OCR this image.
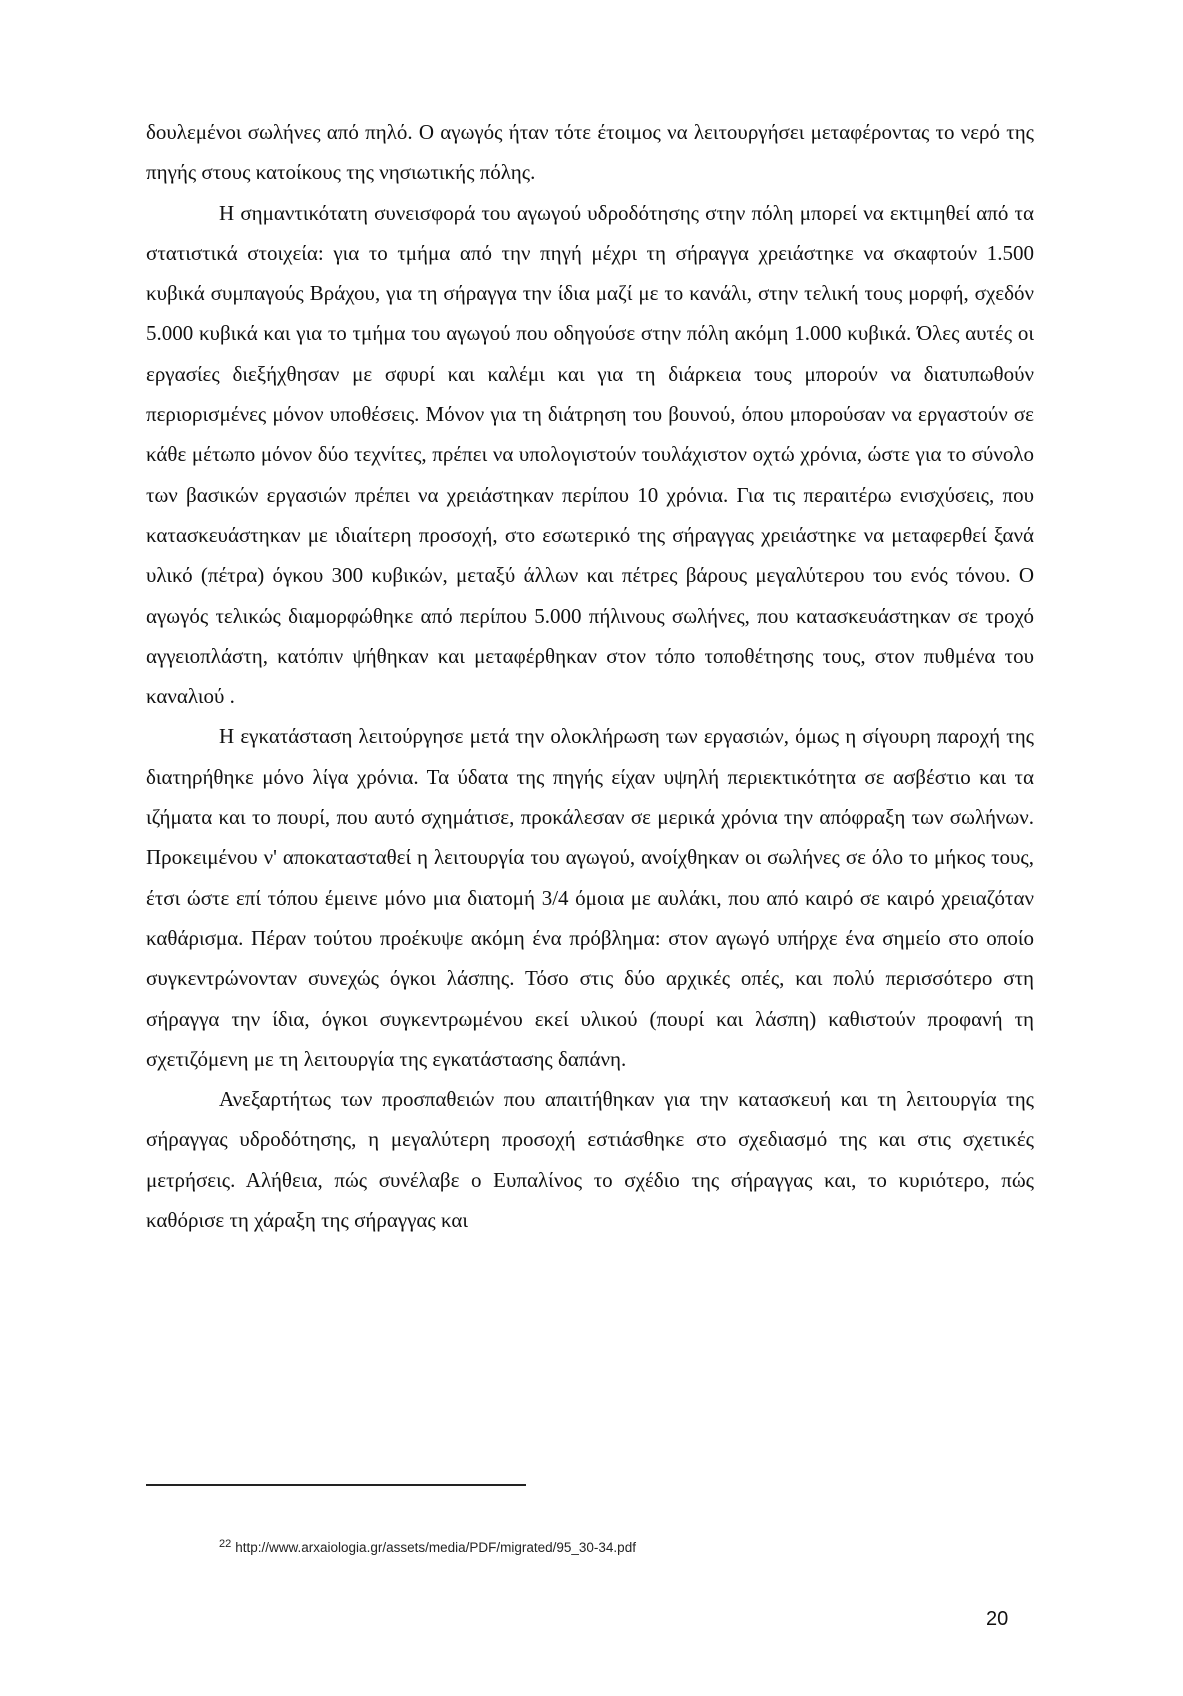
δουλεμένοι σωλήνες από πηλό. Ο αγωγός ήταν τότε έτοιμος να λειτουργήσει μεταφέροντας το νερό της πηγής στους κατοίκους της νησιωτικής πόλης.

Η σημαντικότατη συνεισφορά του αγωγού υδροδότησης στην πόλη μπορεί να εκτιμηθεί από τα στατιστικά στοιχεία: για το τμήμα από την πηγή μέχρι τη σήραγγα χρειάστηκε να σκαφτούν 1.500 κυβικά συμπαγούς Βράχου, για τη σήραγγα την ίδια μαζί με το κανάλι, στην τελική τους μορφή, σχεδόν 5.000 κυβικά και για το τμήμα του αγωγού που οδηγούσε στην πόλη ακόμη 1.000 κυβικά. Όλες αυτές οι εργασίες διεξήχθησαν με σφυρί και καλέμι και για τη διάρκεια τους μπορούν να διατυπωθούν περιορισμένες μόνον υποθέσεις. Μόνον για τη διάτρηση του βουνού, όπου μπορούσαν να εργαστούν σε κάθε μέτωπο μόνον δύο τεχνίτες, πρέπει να υπολογιστούν τουλάχιστον οχτώ χρόνια, ώστε για το σύνολο των βασικών εργασιών πρέπει να χρειάστηκαν περίπου 10 χρόνια. Για τις περαιτέρω ενισχύσεις, που κατασκευάστηκαν με ιδιαίτερη προσοχή, στο εσωτερικό της σήραγγας χρειάστηκε να μεταφερθεί ξανά υλικό (πέτρα) όγκου 300 κυβικών, μεταξύ άλλων και πέτρες βάρους μεγαλύτερου του ενός τόνου. Ο αγωγός τελικώς διαμορφώθηκε από περίπου 5.000 πήλινους σωλήνες, που κατασκευάστηκαν σε τροχό αγγειοπλάστη, κατόπιν ψήθηκαν και μεταφέρθηκαν στον τόπο τοποθέτησης τους, στον πυθμένα του καναλιού .

Η εγκατάσταση λειτούργησε μετά την ολοκλήρωση των εργασιών, όμως η σίγουρη παροχή της διατηρήθηκε μόνο λίγα χρόνια. Τα ύδατα της πηγής είχαν υψηλή περιεκτικότητα σε ασβέστιο και τα ιζήματα και το πουρί, που αυτό σχημάτισε, προκάλεσαν σε μερικά χρόνια την απόφραξη των σωλήνων. Προκειμένου ν' αποκατασταθεί η λειτουργία του αγωγού, ανοίχθηκαν οι σωλήνες σε όλο το μήκος τους, έτσι ώστε επί τόπου έμεινε μόνο μια διατομή 3/4 όμοια με αυλάκι, που από καιρό σε καιρό χρειαζόταν καθάρισμα. Πέραν τούτου προέκυψε ακόμη ένα πρόβλημα: στον αγωγό υπήρχε ένα σημείο στο οποίο συγκεντρώνονταν συνεχώς όγκοι λάσπης. Τόσο στις δύο αρχικές οπές, και πολύ περισσότερο στη σήραγγα την ίδια, όγκοι συγκεντρωμένου εκεί υλικού (πουρί και λάσπη) καθιστούν προφανή τη σχετιζόμενη με τη λειτουργία της εγκατάστασης δαπάνη.

Ανεξαρτήτως των προσπαθειών που απαιτήθηκαν για την κατασκευή και τη λειτουργία της σήραγγας υδροδότησης, η μεγαλύτερη προσοχή εστιάσθηκε στο σχεδιασμό της και στις σχετικές μετρήσεις. Αλήθεια, πώς συνέλαβε ο Ευπαλίνος το σχέδιο της σήραγγας και, το κυριότερο, πώς καθόρισε τη χάραξη της σήραγγας και

$^{22}$ http://www.arxaiologia.gr/assets/media/PDF/migrated/95_30-34.pdf
20
